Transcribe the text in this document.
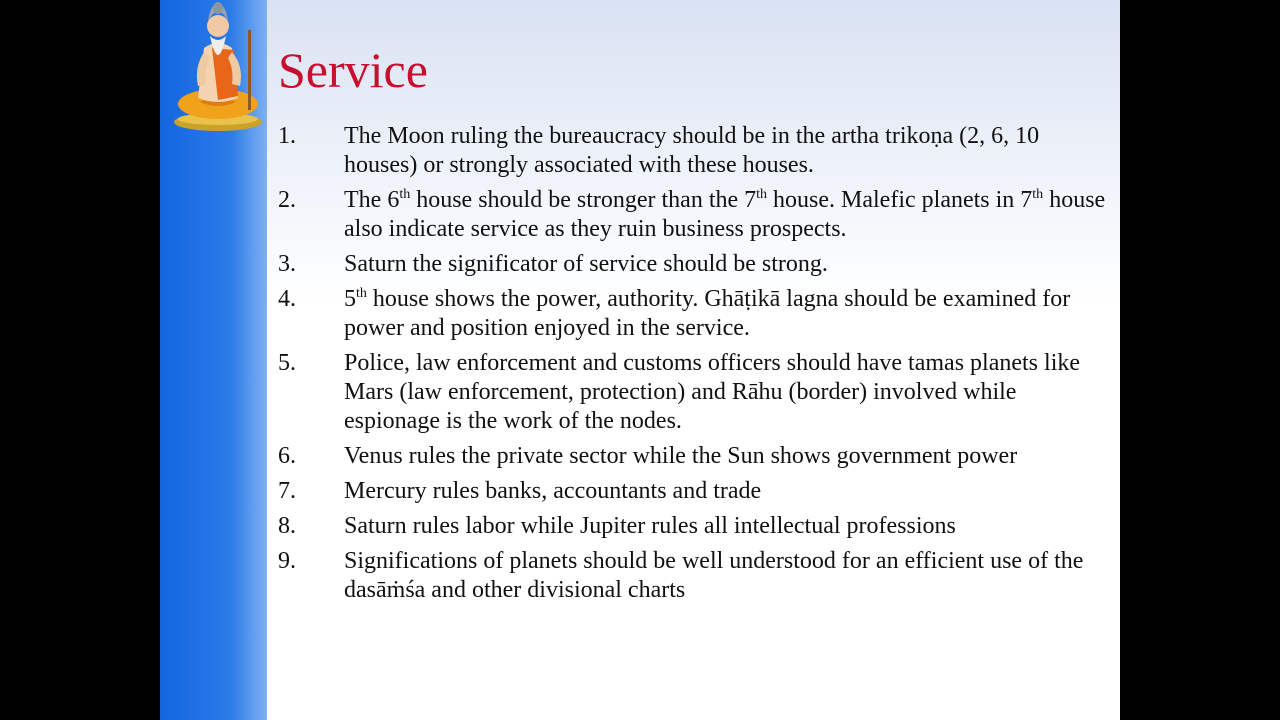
Service
1. The Moon ruling the bureaucracy should be in the artha trikoṇa (2, 6, 10 houses) or strongly associated with these houses.
2. The 6th house should be stronger than the 7th house. Malefic planets in 7th house also indicate service as they ruin business prospects.
3. Saturn the significator of service should be strong.
4. 5th house shows the power, authority. Ghāṭikā lagna should be examined for power and position enjoyed in the service.
5. Police, law enforcement and customs officers should have tamas planets like Mars (law enforcement, protection) and Rāhu (border) involved while espionage is the work of the nodes.
6. Venus rules the private sector while the Sun shows government power
7. Mercury rules banks, accountants and trade
8. Saturn rules labor while Jupiter rules all intellectual professions
9. Significations of planets should be well understood for an efficient use of the dasāṁśa and other divisional charts
